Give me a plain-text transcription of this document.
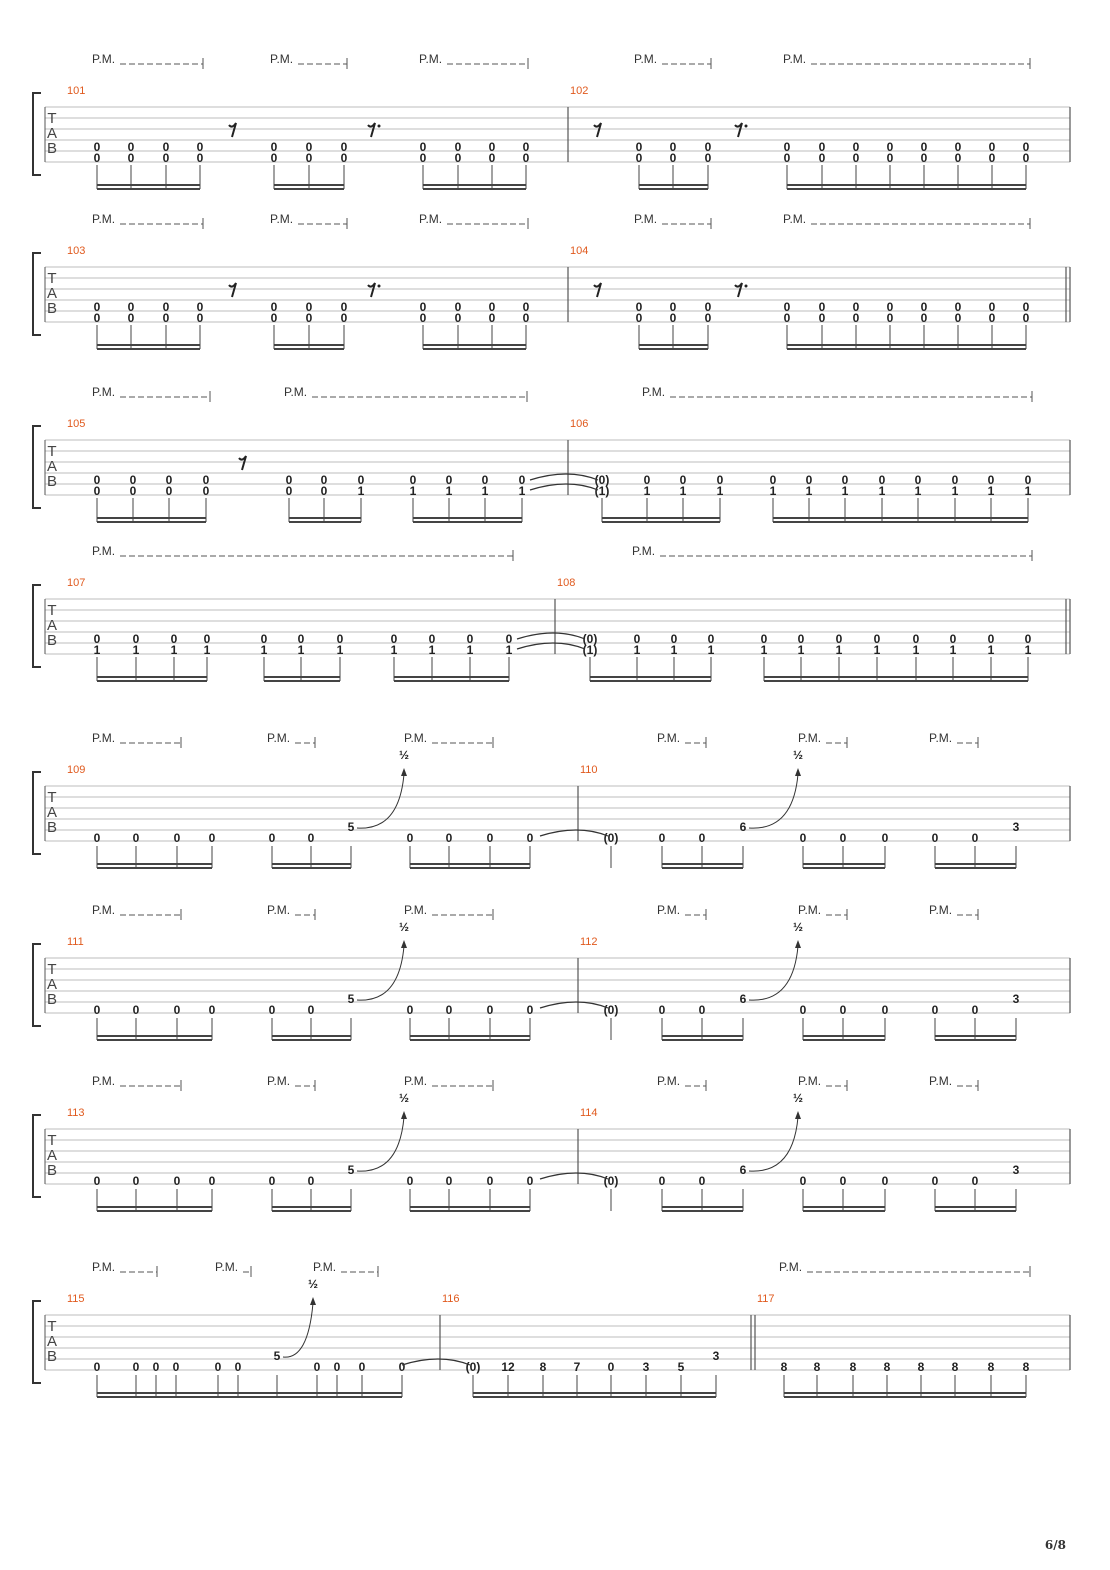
T
A
B
P.M.	P.M.	P.M.	P.M.	P.M.
101
0
0
0
0
0
0
0
0
0
0
0
0
0
0
0
0
0
0
0
0
0
0
102
0
0
0
0
0
0
0
0
0
0
0
0
0
0
0
0
0
0
0
0
0
0
T
A
B
P.M.	P.M.	P.M.	P.M.	P.M.
103
0
0
0
0
0
0
0
0
0
0
0
0
0
0
0
0
0
0
0
0
0
0
104
0
0
0
0
0
0
0
0
0
0
0
0
0
0
0
0
0
0
0
0
0
0
T
A
B
P.M.	P.M.	P.M.
105
0
0
0
0
0
0
0
0
0
0
0
0
0
1
0
1
0
1
0
1
0
1
106
(0)
(1)
0
1
0
1
0
1
0
1
0
1
0
1
0
1
0
1
0
1
0
1
0
1
T
A
B
P.M.	P.M.
107
0
1
0
1
0
1
0
1
0
1
0
1
0
1
0
1
0
1
0
1
0
1
108
(0)
(1)
0
1
0
1
0
1
0
1
0
1
0
1
0
1
0
1
0
1
0
1
0
1
T
A
B
P.M.	P.M.	P.M.	P.M.	P.M.	P.M.
½	½
109
0	0	0 0	0	0
5
0	0	0	0
110
(0)	0	0
6
0	0	0	0	0
3
T
A
B
P.M.	P.M.	P.M.	P.M.	P.M.	P.M.
½	½
111
0	0	0 0	0	0
5
0	0	0	0
112
(0)	0	0
6
0	0	0	0	0
3
T
A
B
P.M.	P.M.	P.M.	P.M.	P.M.	P.M.
½	½
113
0	0	0 0	0	0
5
0	0	0	0
114
(0)	0	0
6
0	0	0	0	0
3
T
A
B
P.M.	P.M.	P.M.	P.M.
½
115
0	0 0 0	0 0
5
0 0 0	0
116
(0) 12 8 7 0 3 5
3
117
8 8 8 8 8 8 8 8
6/8
